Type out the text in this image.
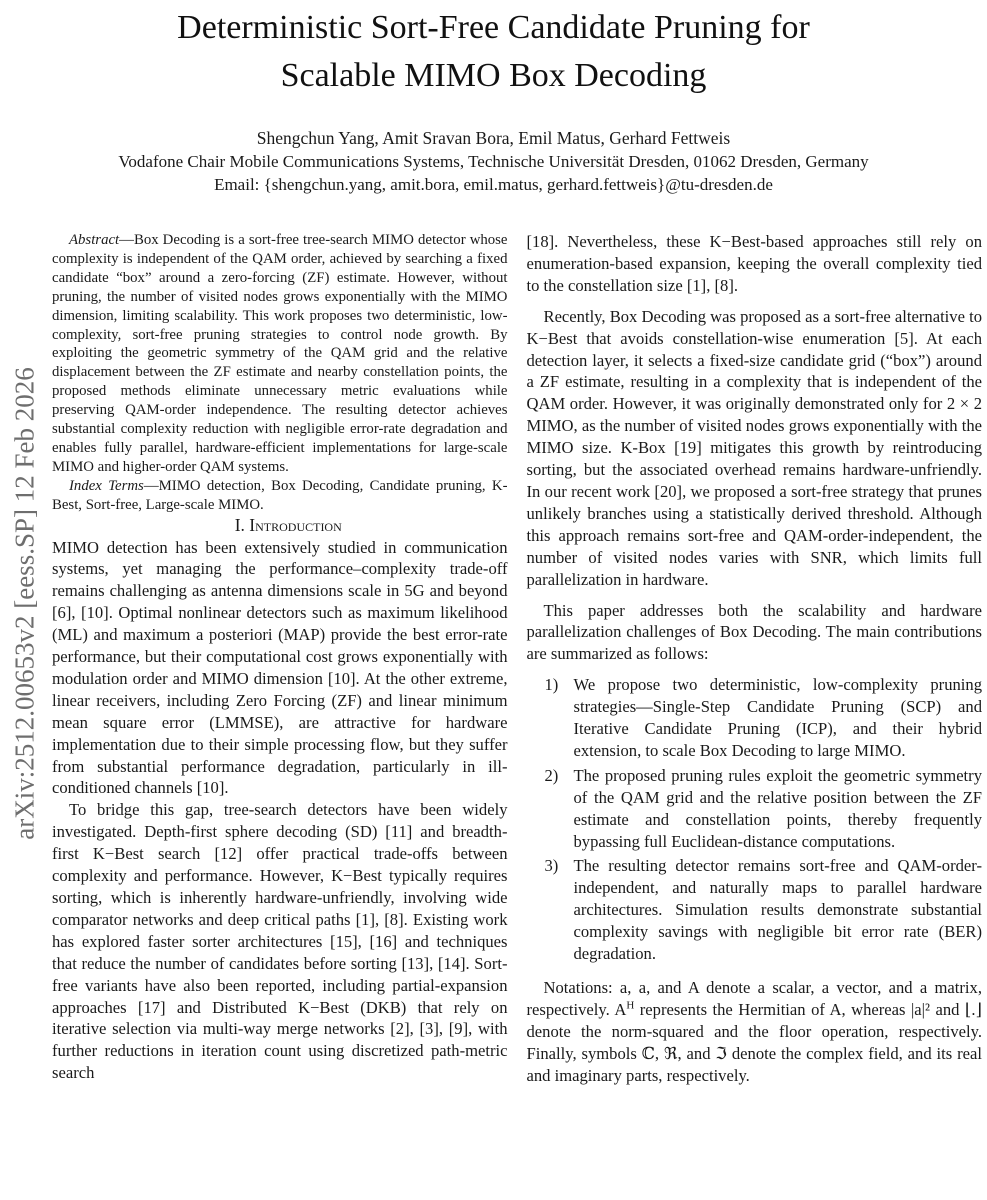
arXiv:2512.00653v2 [eess.SP] 12 Feb 2026
Deterministic Sort-Free Candidate Pruning for
Scalable MIMO Box Decoding
Shengchun Yang, Amit Sravan Bora, Emil Matus, Gerhard Fettweis
Vodafone Chair Mobile Communications Systems, Technische Universität Dresden, 01062 Dresden, Germany
Email: {shengchun.yang, amit.bora, emil.matus, gerhard.fettweis}@tu-dresden.de

Abstract—Box Decoding is a sort-free tree-search MIMO detector whose complexity is independent of the QAM order, achieved by searching a fixed candidate “box” around a zero-forcing (ZF) estimate. However, without pruning, the number of visited nodes grows exponentially with the MIMO dimension, limiting scalability. This work proposes two deterministic, low-complexity, sort-free pruning strategies to control node growth. By exploiting the geometric symmetry of the QAM grid and the relative displacement between the ZF estimate and nearby constellation points, the proposed methods eliminate unnecessary metric evaluations while preserving QAM-order independence. The resulting detector achieves substantial complexity reduction with negligible error-rate degradation and enables fully parallel, hardware-efficient implementations for large-scale MIMO and higher-order QAM systems.

Index Terms—MIMO detection, Box Decoding, Candidate pruning, K-Best, Sort-free, Large-scale MIMO.

I. Introduction

MIMO detection has been extensively studied in communication systems, yet managing the performance–complexity trade-off remains challenging as antenna dimensions scale in 5G and beyond [6], [10]. Optimal nonlinear detectors such as maximum likelihood (ML) and maximum a posteriori (MAP) provide the best error-rate performance, but their computational cost grows exponentially with modulation order and MIMO dimension [10]. At the other extreme, linear receivers, including Zero Forcing (ZF) and linear minimum mean square error (LMMSE), are attractive for hardware implementation due to their simple processing flow, but they suffer from substantial performance degradation, particularly in ill-conditioned channels [10].

To bridge this gap, tree-search detectors have been widely investigated. Depth-first sphere decoding (SD) [11] and breadth-first K−Best search [12] offer practical trade-offs between complexity and performance. However, K−Best typically requires sorting, which is inherently hardware-unfriendly, involving wide comparator networks and deep critical paths [1], [8]. Existing work has explored faster sorter architectures [15], [16] and techniques that reduce the number of candidates before sorting [13], [14]. Sort-free variants have also been reported, including partial-expansion approaches [17] and Distributed K−Best (DKB) that rely on iterative selection via multi-way merge networks [2], [3], [9], with further reductions in iteration count using discretized path-metric search

[18]. Nevertheless, these K−Best-based approaches still rely on enumeration-based expansion, keeping the overall complexity tied to the constellation size [1], [8].

Recently, Box Decoding was proposed as a sort-free alternative to K−Best that avoids constellation-wise enumeration [5]. At each detection layer, it selects a fixed-size candidate grid (“box”) around a ZF estimate, resulting in a complexity that is independent of the QAM order. However, it was originally demonstrated only for 2 × 2 MIMO, as the number of visited nodes grows exponentially with the MIMO size. K-Box [19] mitigates this growth by reintroducing sorting, but the associated overhead remains hardware-unfriendly. In our recent work [20], we proposed a sort-free strategy that prunes unlikely branches using a statistically derived threshold. Although this approach remains sort-free and QAM-order-independent, the number of visited nodes varies with SNR, which limits full parallelization in hardware.

This paper addresses both the scalability and hardware parallelization challenges of Box Decoding. The main contributions are summarized as follows:

1) We propose two deterministic, low-complexity pruning strategies—Single-Step Candidate Pruning (SCP) and Iterative Candidate Pruning (ICP), and their hybrid extension, to scale Box Decoding to large MIMO.
2) The proposed pruning rules exploit the geometric symmetry of the QAM grid and the relative position between the ZF estimate and constellation points, thereby frequently bypassing full Euclidean-distance computations.
3) The resulting detector remains sort-free and QAM-order-independent, and naturally maps to parallel hardware architectures. Simulation results demonstrate substantial complexity savings with negligible bit error rate (BER) degradation.

Notations: a, a, and A denote a scalar, a vector, and a matrix, respectively. $A^H$ represents the Hermitian of A, whereas |a|² and ⌊.⌋ denote the norm-squared and the floor operation, respectively. Finally, symbols ℂ, ℜ, and ℑ denote the complex field, and its real and imaginary parts, respectively.
